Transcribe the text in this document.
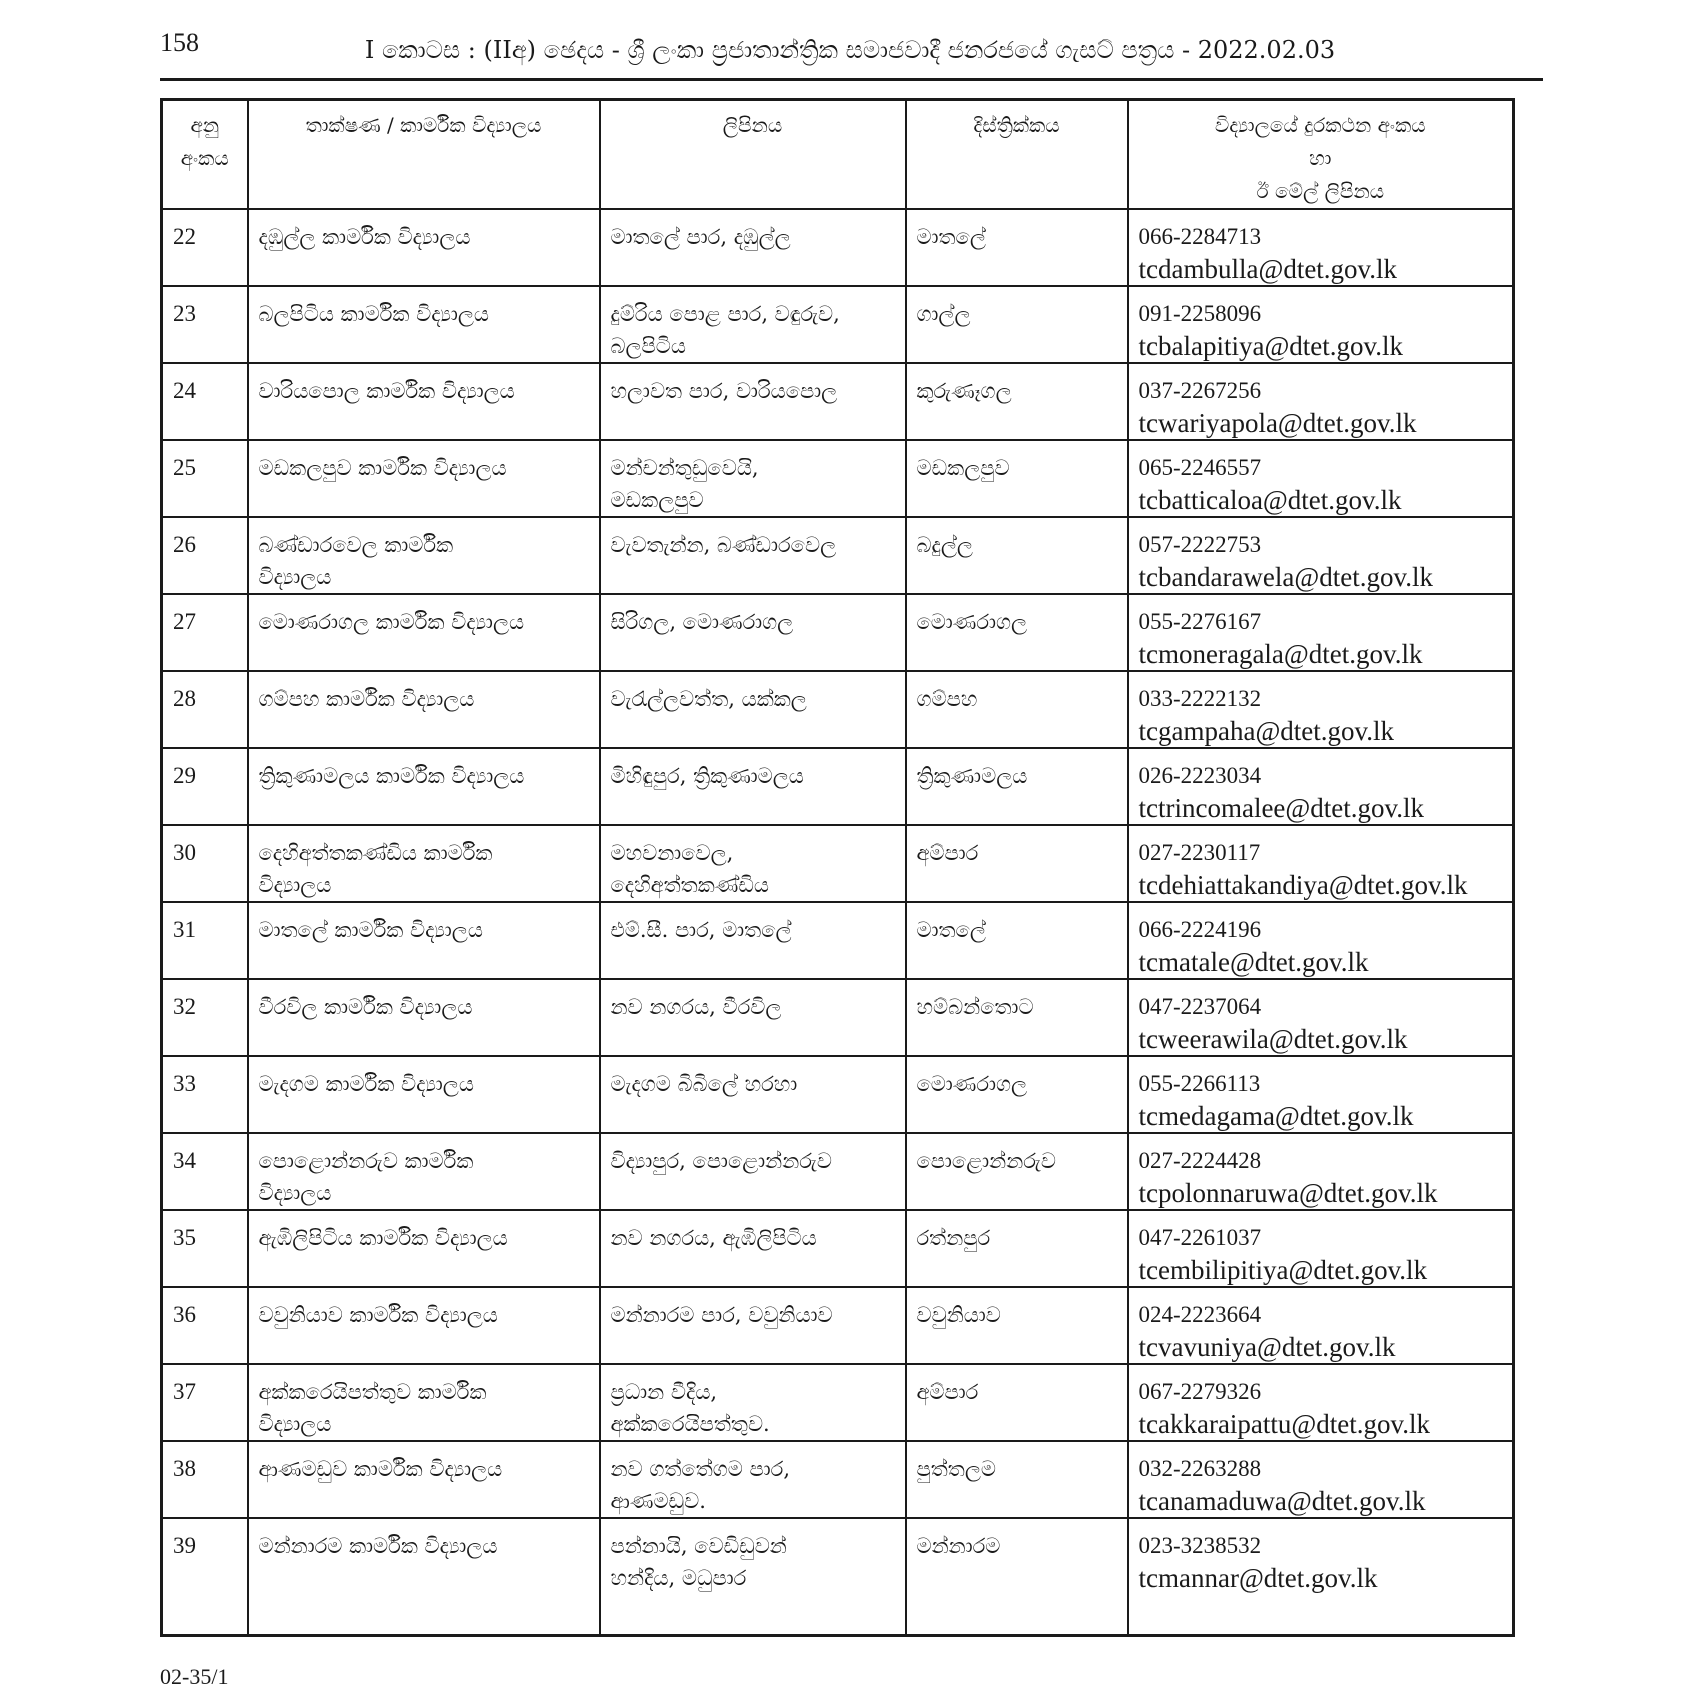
158	I කොටස : (IIඅ) ඡෙදය - ශ්‍රී ලංකා ප්‍රජාතාන්ත්‍රික සමාජවාදී ජනරජයේ ගැසට් පත්‍රය - 2022.02.03
අනු
අංකය	තාක්ෂණ / කාර්මික විද්‍යාලය	ලිපිනය	දිස්ත්‍රික්කය	විද්‍යාලයේ දුරකථන අංකය
හා
ඊ මේල් ලිපිනය
22	දඹුල්ල කාර්මික විද්‍යාලය	මාතලේ පාර, දඹුල්ල	මාතලේ	066-2284713
tcdambulla@dtet.gov.lk

23	බලපිටිය කාර්මික විද්‍යාලය	දුම්රිය පොළ පාර, වඳුරුව,
බලපිටිය	ගාල්ල	091-2258096
tcbalapitiya@dtet.gov.lk

24	වාරියපොල කාර්මික විද්‍යාලය	හලාවත පාර, වාරියපොල	කුරුණෑගල	037-2267256
tcwariyapola@dtet.gov.lk

25	මඩකලපුව කාර්මික විද්‍යාලය	මන්චන්තුඩුවෙයි,
මඩකලපුව	මඩකලපුව	065-2246557
tcbatticaloa@dtet.gov.lk

26	බණ්ඩාරවෙල කාර්මික
විද්‍යාලය	වැවතැන්න, බණ්ඩාරවෙල	බදුල්ල	057-2222753
tcbandarawela@dtet.gov.lk

27	මොණරාගල කාර්මික විද්‍යාලය	සිරිගල, මොණරාගල	මොණරාගල	055-2276167
tcmoneragala@dtet.gov.lk

28	ගම්පහ කාර්මික විද්‍යාලය	වැරැල්ලවත්ත, යක්කල	ගම්පහ	033-2222132
tcgampaha@dtet.gov.lk

29	ත්‍රිකුණාමලය කාර්මික විද්‍යාලය	මිහිඳුපුර, ත්‍රිකුණාමලය	ත්‍රිකුණාමලය	026-2223034
tctrincomalee@dtet.gov.lk

30	දෙහිඅත්තකණ්ඩිය කාර්මික
විද්‍යාලය	මහවනාවෙල,
දෙහිඅත්තකණ්ඩිය	අම්පාර	027-2230117
tcdehiattakandiya@dtet.gov.lk

31	මාතලේ කාර්මික විද්‍යාලය	එම්.සී. පාර, මාතලේ	මාතලේ	066-2224196
tcmatale@dtet.gov.lk

32	වීරවිල කාර්මික විද්‍යාලය	නව නගරය, වීරවිල	හම්බන්තොට	047-2237064
tcweerawila@dtet.gov.lk

33	මැදගම කාර්මික විද්‍යාලය	මැදගම බිබිලේ හරහා	මොණරාගල	055-2266113
tcmedagama@dtet.gov.lk

34	පොළොන්නරුව කාර්මික
විද්‍යාලය	විද්‍යාපුර, පොළොන්නරුව	පොළොන්නරුව	027-2224428
tcpolonnaruwa@dtet.gov.lk

35	ඇඹිලිපිටිය කාර්මික විද්‍යාලය	නව නගරය, ඇඹිලිපිටිය	රත්නපුර	047-2261037
tcembilipitiya@dtet.gov.lk

36	වවුනියාව කාර්මික විද්‍යාලය	මන්නාරම පාර, වවුනියාව	වවුනියාව	024-2223664
tcvavuniya@dtet.gov.lk

37	අක්කරෙයිපත්තුව කාර්මික
විද්‍යාලය	ප්‍රධාන වීදිය,
අක්කරෙයිපත්තුව.	අම්පාර	067-2279326
tcakkaraipattu@dtet.gov.lk

38	ආණමඩුව කාර්මික විද්‍යාලය	නව ගත්තේගම පාර,
ආණමඩුව.	පුත්තලම	032-2263288
tcanamaduwa@dtet.gov.lk

39	මන්නාරම කාර්මික විද්‍යාලය	පන්නායි, වෙඩිඩුවන්
හන්දිය, මධුපාර	මන්නාරම	023-3238532
tcmannar@dtet.gov.lk
02-35/1
